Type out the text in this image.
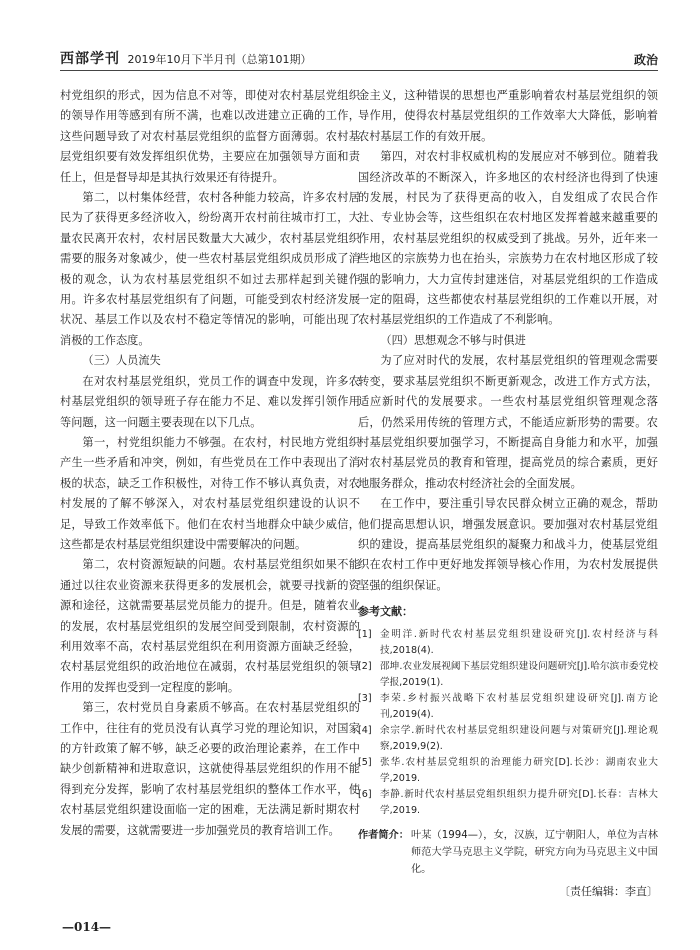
西部学刊 2019年10月下半月刊（总第101期）	政治

村党组织的形式，因为信息不对等，即使对农村基层党组织的领导作用等感到有所不满，也难以改进建立正确的工作，这些问题导致了对农村基层党组织的监督方面薄弱。农村基层党组织要有效发挥组织优势，主要应在加强领导方面和责任上，但是督导却是其执行效果还有待提升。

第二，以村集体经营，农村各种能力较高，许多农村居民为了获得更多经济收入，纷纷离开农村前往城市打工，大量农民离开农村，农村居民数量大大减少，农村基层党组织需要的服务对象减少，使一些农村基层党组织成员形成了消极的观念，认为农村基层党组织不如过去那样起到关键作用。许多农村基层党组织有了问题，可能受到农村经济发展状况、基层工作以及农村不稳定等情况的影响，可能出现了消极的工作态度。

（三）人员流失

在对农村基层党组织，党员工作的调查中发现，许多农村基层党组织的领导班子存在能力不足、难以发挥引领作用等问题，这一问题主要表现在以下几点。

第一，村党组织能力不够强。在农村，村民地方党组织产生一些矛盾和冲突，例如，有些党员在工作中表现出了消极的状态，缺乏工作积极性，对待工作不够认真负责，对农村发展的了解不够深入，对农村基层党组织建设的认识不足，导致工作效率低下。他们在农村当地群众中缺少威信，这些都是农村基层党组织建设中需要解决的问题。

第二，农村资源短缺的问题。农村基层党组织如果不能通过以往农业资源来获得更多的发展机会，就要寻找新的资源和途径，这就需要基层党员能力的提升。但是，随着农业的发展，农村基层党组织的发展空间受到限制，农村资源的利用效率不高，农村基层党组织在利用资源方面缺乏经验，农村基层党组织的政治地位在减弱，农村基层党组织的领导作用的发挥也受到一定程度的影响。

第三，农村党员自身素质不够高。在农村基层党组织的工作中，往往有的党员没有认真学习党的理论知识，对国家的方针政策了解不够，缺乏必要的政治理论素养，在工作中缺少创新精神和进取意识，这就使得基层党组织的作用不能得到充分发挥，影响了农村基层党组织的整体工作水平，使农村基层党组织建设面临一定的困难，无法满足新时期农村发展的需要，这就需要进一步加强党员的教育培训工作。

金主义，这种错误的思想也严重影响着农村基层党组织的领导作用，使得农村基层党组织的工作效率大大降低，影响着农村基层工作的有效开展。

第四，对农村非权威机构的发展应对不够到位。随着我国经济改革的不断深入，许多地区的农村经济也得到了快速的发展，村民为了获得更高的收入，自发组成了农民合作社、专业协会等，这些组织在农村地区发挥着越来越重要的作用，农村基层党组织的权威受到了挑战。另外，近年来一些地区的宗族势力也在抬头，宗族势力在农村地区形成了较强的影响力，大力宣传封建迷信，对基层党组织的工作造成一定的阻碍，这些都使农村基层党组织的工作难以开展，对农村基层党组织的工作造成了不利影响。

（四）思想观念不够与时俱进

为了应对时代的发展，农村基层党组织的管理观念需要转变，要求基层党组织不断更新观念，改进工作方式方法，适应新时代的发展要求。一些农村基层党组织管理观念落后，仍然采用传统的管理方式，不能适应新形势的需要。农村基层党组织要加强学习，不断提高自身能力和水平，加强对农村基层党员的教育和管理，提高党员的综合素质，更好地服务群众，推动农村经济社会的全面发展。

在工作中，要注重引导农民群众树立正确的观念，帮助他们提高思想认识，增强发展意识。要加强对农村基层党组织的建设，提高基层党组织的凝聚力和战斗力，使基层党组织在农村工作中更好地发挥领导核心作用，为农村发展提供坚强的组织保证。

参考文献：
[1] 金明洋.新时代农村基层党组织建设研究[J].农村经济与科技,2018(4).
[2] 邵坤.农业发展视阈下基层党组织建设问题研究[J].哈尔滨市委党校学报,2019(1).
[3] 李荣.乡村振兴战略下农村基层党组织建设研究[J].南方论刊,2019(4).
[4] 余宗学.新时代农村基层党组织建设问题与对策研究[J].理论观察,2019,9(2).
[5] 张华.农村基层党组织的治理能力研究[D].长沙：湖南农业大学,2019.
[6] 李静.新时代农村基层党组织组织力提升研究[D].长春：吉林大学,2019.
作者简介： 叶某（1994—），女，汉族，辽宁朝阳人，单位为吉林师范大学马克思主义学院，研究方向为马克思主义中国化。
〔责任编辑：李直〕
—014—
